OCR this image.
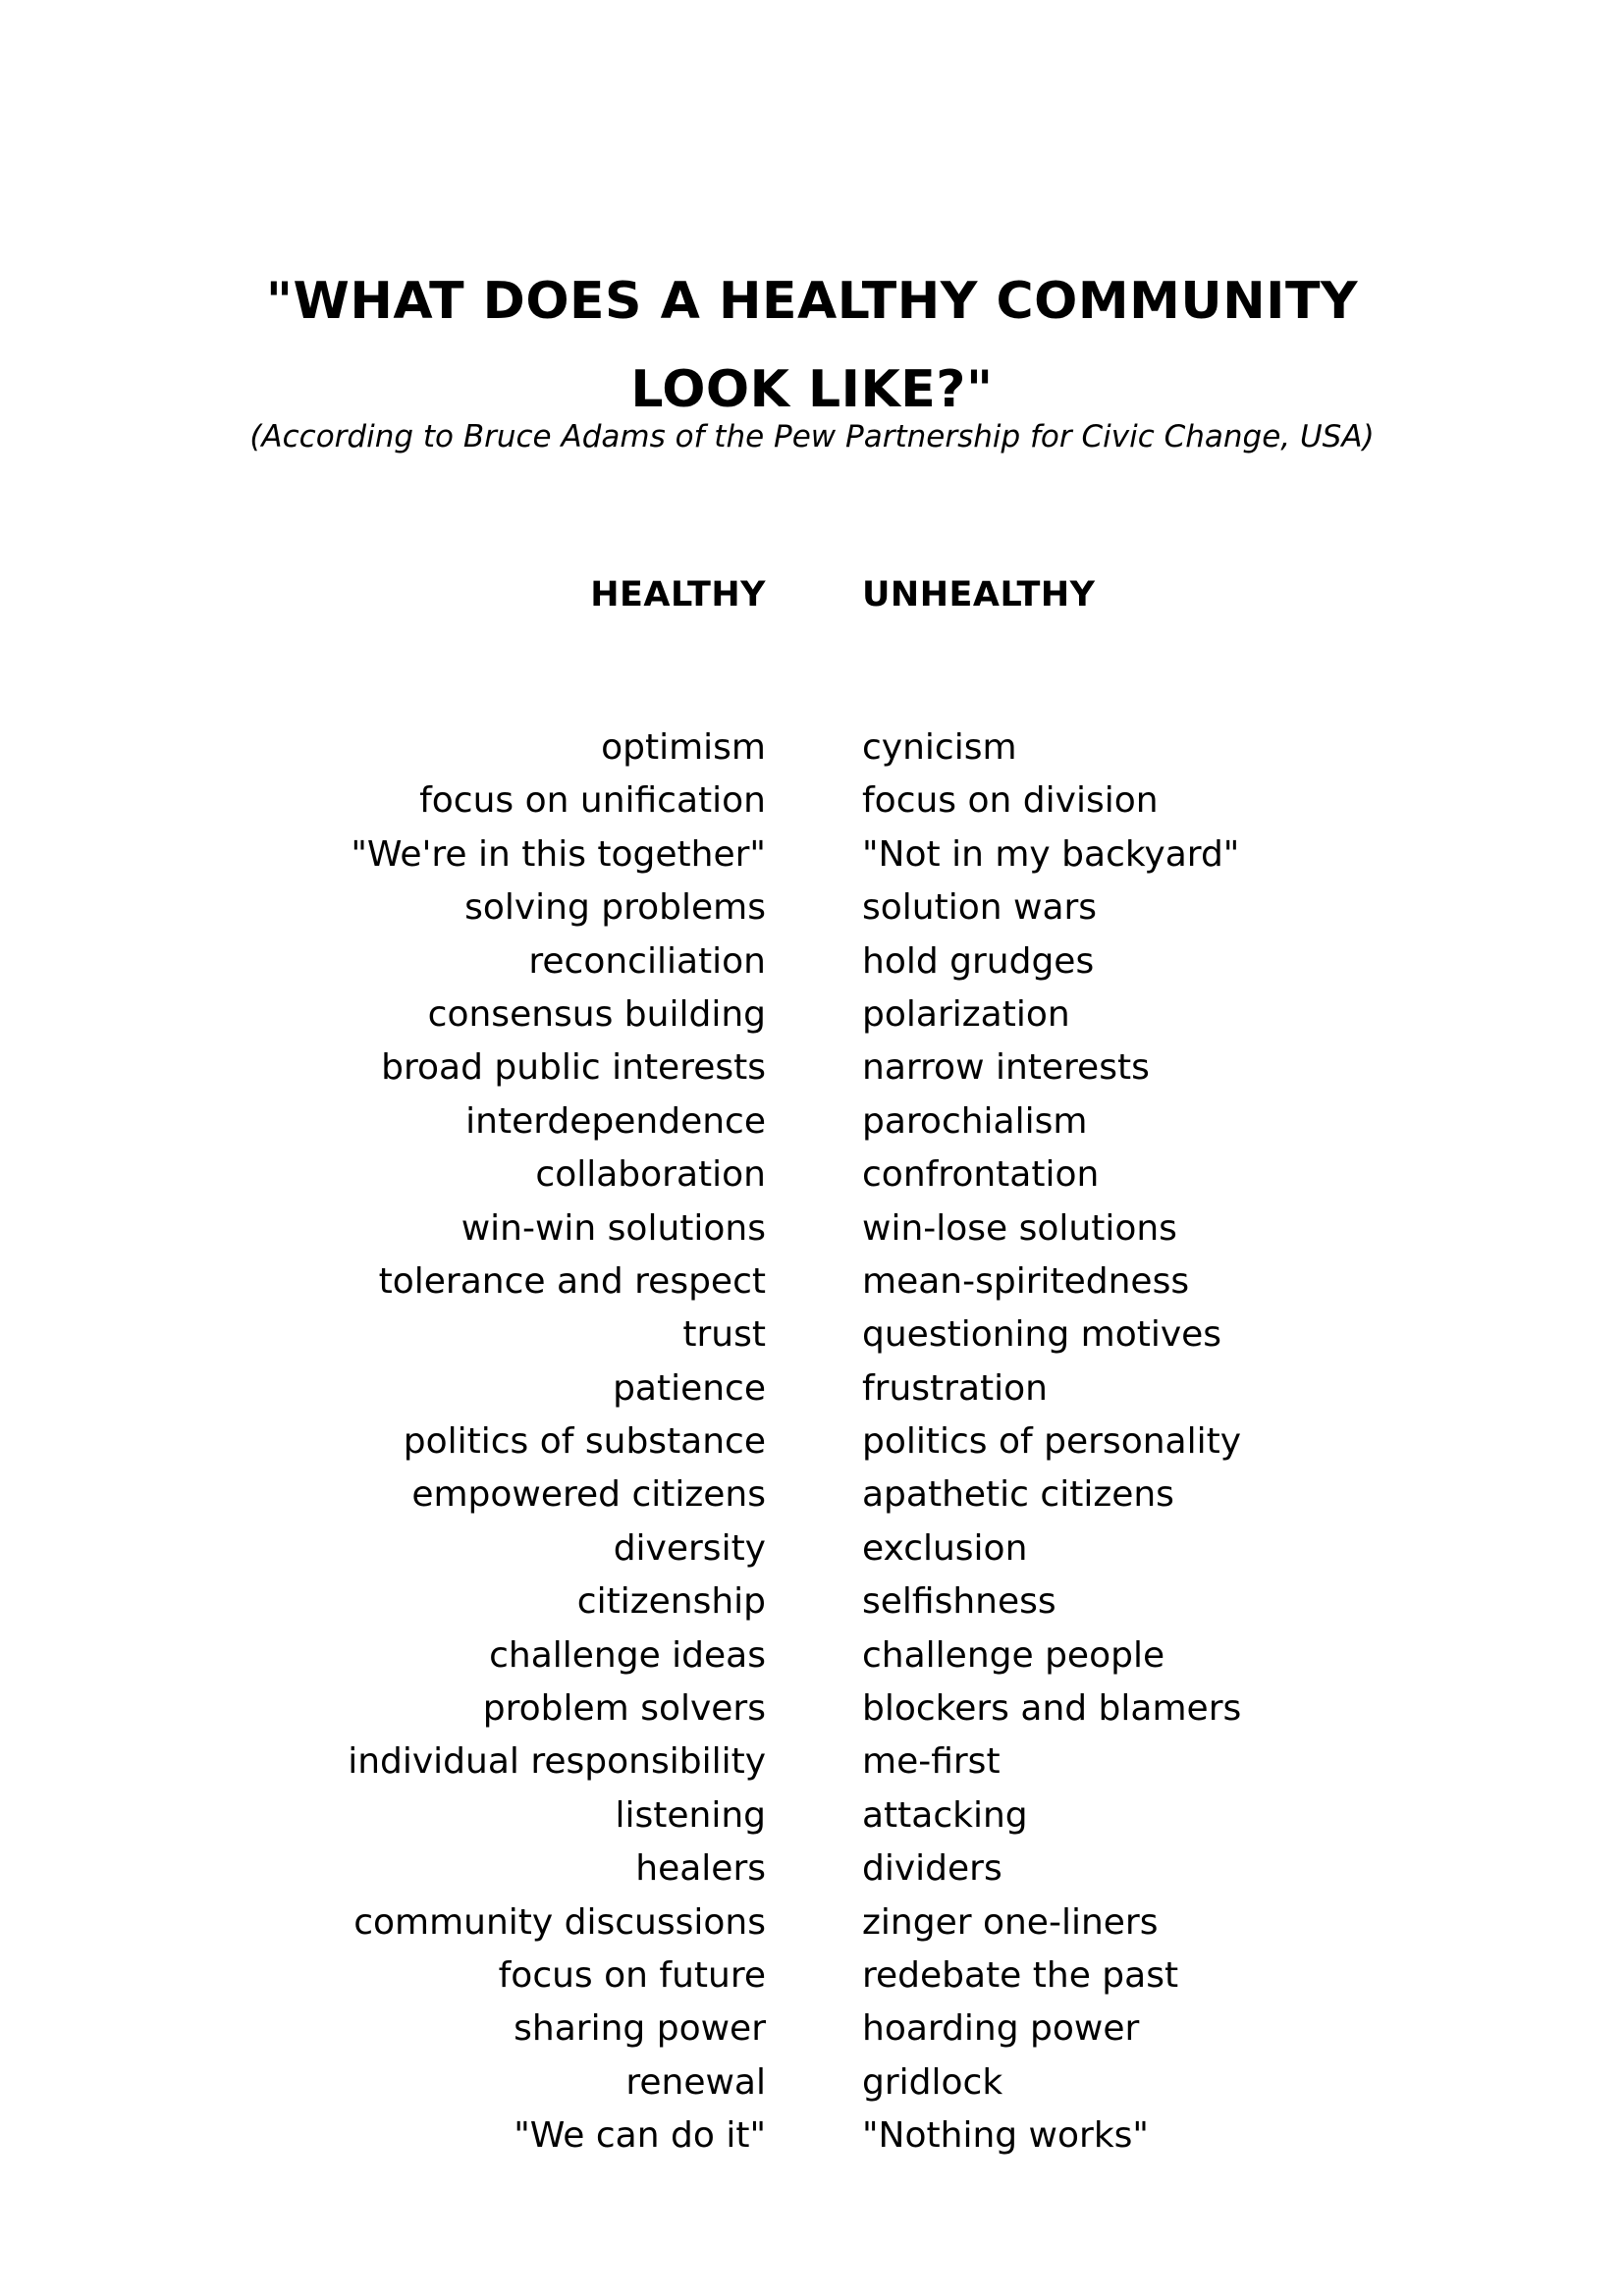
"WHAT DOES A HEALTHY COMMUNITY
LOOK LIKE?"
(According to Bruce Adams of the Pew Partnership for Civic Change, USA)
HEALTHY
optimism
focus on unification
"We're in this together"
solving problems
reconciliation
consensus building
broad public interests
interdependence
collaboration
win-win solutions
tolerance and respect
trust
patience
politics of substance
empowered citizens
diversity
citizenship
challenge ideas
problem solvers
individual responsibility
listening
healers
community discussions
focus on future
sharing power
renewal
"We can do it"
UNHEALTHY
cynicism
focus on division
"Not in my backyard"
solution wars
hold grudges
polarization
narrow interests
parochialism
confrontation
win-lose solutions
mean-spiritedness
questioning motives
frustration
politics of personality
apathetic citizens
exclusion
selfishness
challenge people
blockers and blamers
me-first
attacking
dividers
zinger one-liners
redebate the past
hoarding power
gridlock
"Nothing works"
